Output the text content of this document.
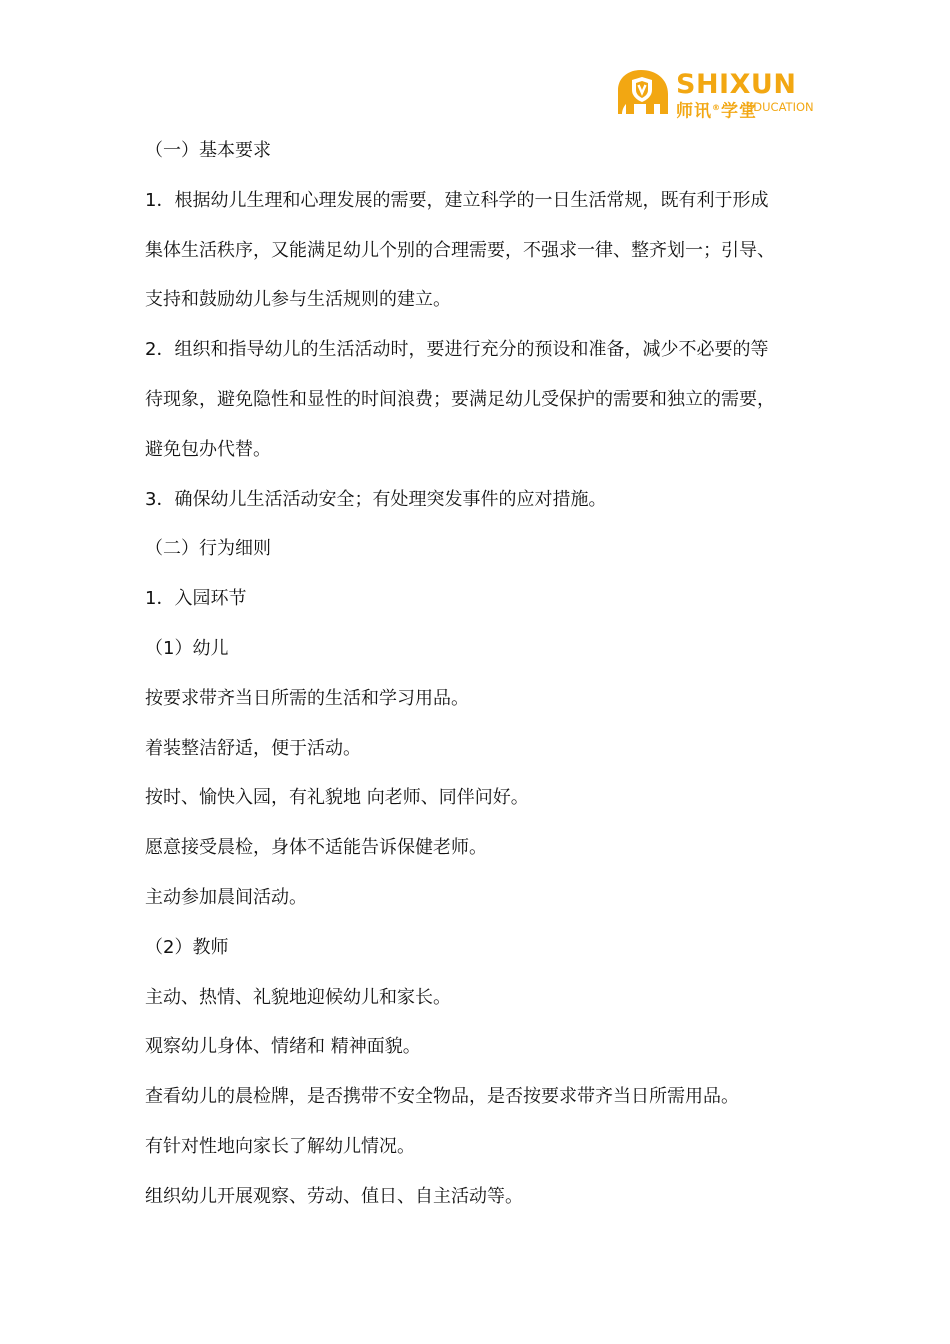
SHIXUN
师讯®学堂
EDUCATION
（一）基本要求
1．根据幼儿生理和心理发展的需要，建立科学的一日生活常规，既有利于形成
集体生活秩序，又能满足幼儿个别的合理需要，不强求一律、整齐划一；引导、
支持和鼓励幼儿参与生活规则的建立。
2．组织和指导幼儿的生活活动时，要进行充分的预设和准备，减少不必要的等
待现象，避免隐性和显性的时间浪费；要满足幼儿受保护的需要和独立的需要，
避免包办代替。
3．确保幼儿生活活动安全；有处理突发事件的应对措施。
（二）行为细则
1．入园环节
（1）幼儿
按要求带齐当日所需的生活和学习用品。
着装整洁舒适，便于活动。
按时、愉快入园，有礼貌地 向老师、同伴问好。
愿意接受晨检，身体不适能告诉保健老师。
主动参加晨间活动。
（2）教师
主动、热情、礼貌地迎候幼儿和家长。
观察幼儿身体、情绪和 精神面貌。
查看幼儿的晨检牌，是否携带不安全物品，是否按要求带齐当日所需用品。
有针对性地向家长了解幼儿情况。
组织幼儿开展观察、劳动、值日、自主活动等。
